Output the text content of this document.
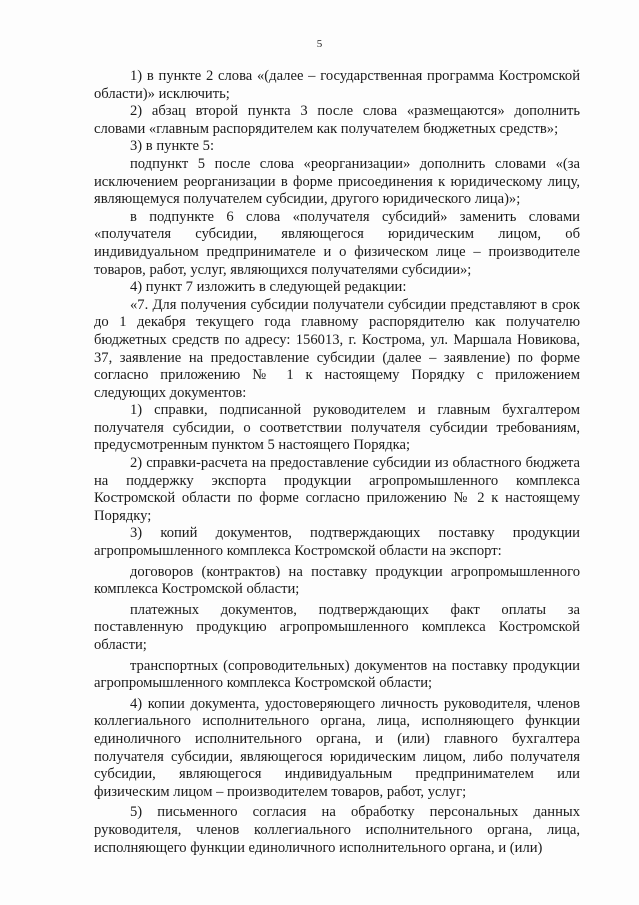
5

1) в пункте 2 слова «(далее – государственная программа Костромской области)» исключить;

2) абзац второй пункта 3 после слова «размещаются» дополнить словами «главным распорядителем как получателем бюджетных средств»;

3) в пункте 5:

подпункт 5 после слова «реорганизации» дополнить словами «(за исключением реорганизации в форме присоединения к юридическому лицу, являющемуся получателем субсидии, другого юридического лица)»;

в подпункте 6 слова «получателя субсидий» заменить словами «получателя субсидии, являющегося юридическим лицом, об индивидуальном предпринимателе и о физическом лице – производителе товаров, работ, услуг, являющихся получателями субсидии»;

4) пункт 7 изложить в следующей редакции:

«7. Для получения субсидии получатели субсидии представляют в срок до 1 декабря текущего года главному распорядителю как получателю бюджетных средств по адресу: 156013, г. Кострома, ул. Маршала Новикова, 37, заявление на предоставление субсидии (далее – заявление) по форме согласно приложению № 1 к настоящему Порядку с приложением следующих документов:

1) справки, подписанной руководителем и главным бухгалтером получателя субсидии, о соответствии получателя субсидии требованиям, предусмотренным пунктом 5 настоящего Порядка;

2) справки-расчета на предоставление субсидии из областного бюджета на поддержку экспорта продукции агропромышленного комплекса Костромской области по форме согласно приложению № 2 к настоящему Порядку;

3) копий документов, подтверждающих поставку продукции агропромышленного комплекса Костромской области на экспорт:

договоров (контрактов) на поставку продукции агропромышленного комплекса Костромской области;

платежных документов, подтверждающих факт оплаты за поставленную продукцию агропромышленного комплекса Костромской области;

транспортных (сопроводительных) документов на поставку продукции агропромышленного комплекса Костромской области;

4) копии документа, удостоверяющего личность руководителя, членов коллегиального исполнительного органа, лица, исполняющего функции единоличного исполнительного органа, и (или) главного бухгалтера получателя субсидии, являющегося юридическим лицом, либо получателя субсидии, являющегося индивидуальным предпринимателем или физическим лицом – производителем товаров, работ, услуг;

5) письменного согласия на обработку персональных данных руководителя, членов коллегиального исполнительного органа, лица, исполняющего функции единоличного исполнительного органа, и (или)
